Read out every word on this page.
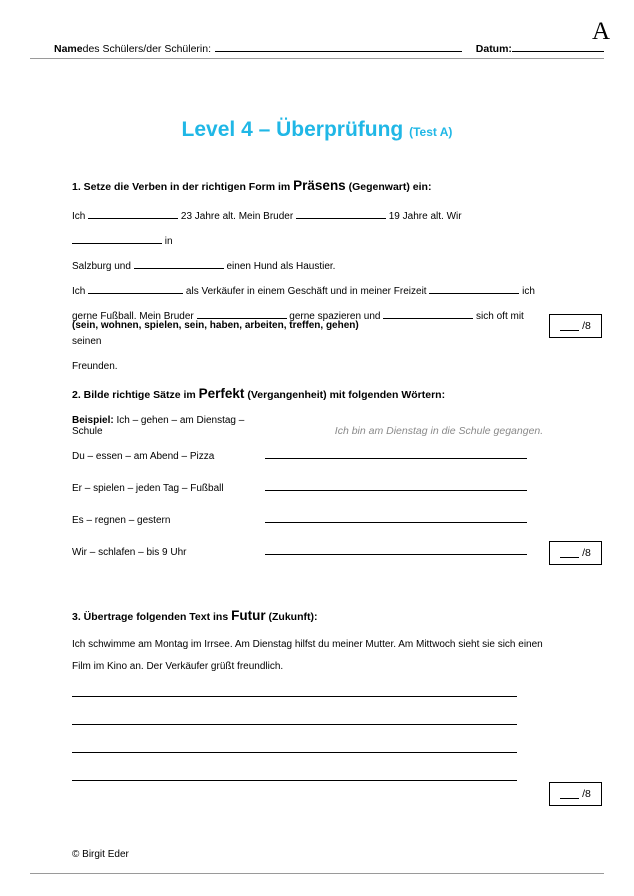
A
Name des Schülers/der Schülerin:	Datum:
Level 4 – Überprüfung (Test A)
1. Setze die Verben in der richtigen Form im Präsens (Gegenwart) ein:
Ich	23 Jahre alt. Mein Bruder	19 Jahre alt. Wir  in
Salzburg und	einen Hund als Haustier.
Ich	als Verkäufer in einem Geschäft und in meiner Freizeit	ich
gerne Fußball. Mein Bruder	gerne spazieren und	sich oft mit seinen
Freunden.
(sein, wohnen, spielen, sein, haben, arbeiten, treffen, gehen)	/8
2. Bilde richtige Sätze im Perfekt (Vergangenheit) mit folgenden Wörtern:
Beispiel: Ich – gehen – am Dienstag – Schule	Ich bin am Dienstag in die Schule gegangen.
Du – essen – am Abend – Pizza
Er – spielen – jeden Tag – Fußball
Es – regnen – gestern
Wir – schlafen – bis 9 Uhr	/8
3. Übertrage folgenden Text ins Futur (Zukunft):
Ich schwimme am Montag im Irrsee. Am Dienstag hilfst du meiner Mutter. Am Mittwoch sieht sie sich einen Film im Kino an. Der Verkäufer grüßt freundlich.
/8
© Birgit Eder
